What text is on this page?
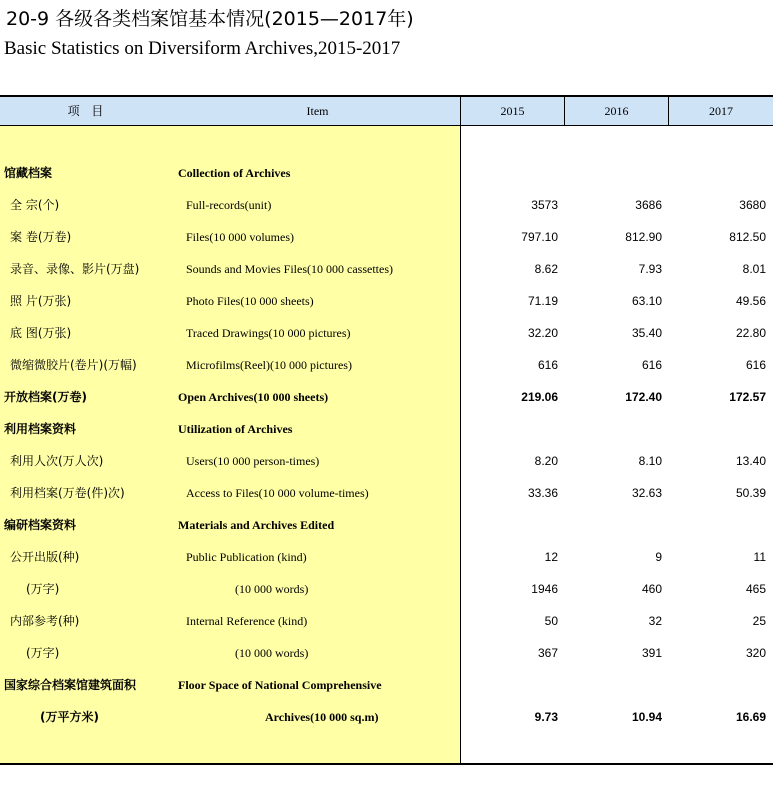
20-9 各级各类档案馆基本情况(2015—2017年)
Basic Statistics on Diversiform Archives,2015-2017
项 目	Item	2015	2016	2017
馆藏档案	Collection of Archives
全 宗(个)	Full-records(unit)	3573	3686	3680
案 卷(万卷)	Files(10 000 volumes)	797.10	812.90	812.50
录音、录像、影片(万盘)	Sounds and Movies Files(10 000 cassettes)	8.62	7.93	8.01
照 片(万张)	Photo Files(10 000 sheets)	71.19	63.10	49.56
底 图(万张)	Traced Drawings(10 000 pictures)	32.20	35.40	22.80
微缩微胶片(卷片)(万幅)	Microfilms(Reel)(10 000 pictures)	616	616	616
开放档案(万卷)	Open Archives(10 000 sheets)	219.06	172.40	172.57
利用档案资料	Utilization of Archives
利用人次(万人次)	Users(10 000 person-times)	8.20	8.10	13.40
利用档案(万卷(件)次)	Access to Files(10 000 volume-times)	33.36	32.63	50.39
编研档案资料	Materials and Archives Edited
公开出版(种)	Public Publication (kind)	12	9	11
(万字)	(10 000 words)	1946	460	465
内部参考(种)	Internal Reference (kind)	50	32	25
(万字)	(10 000 words)	367	391	320
国家综合档案馆建筑面积	Floor Space of National Comprehensive
(万平方米)	Archives(10 000 sq.m)	9.73	10.94	16.69
